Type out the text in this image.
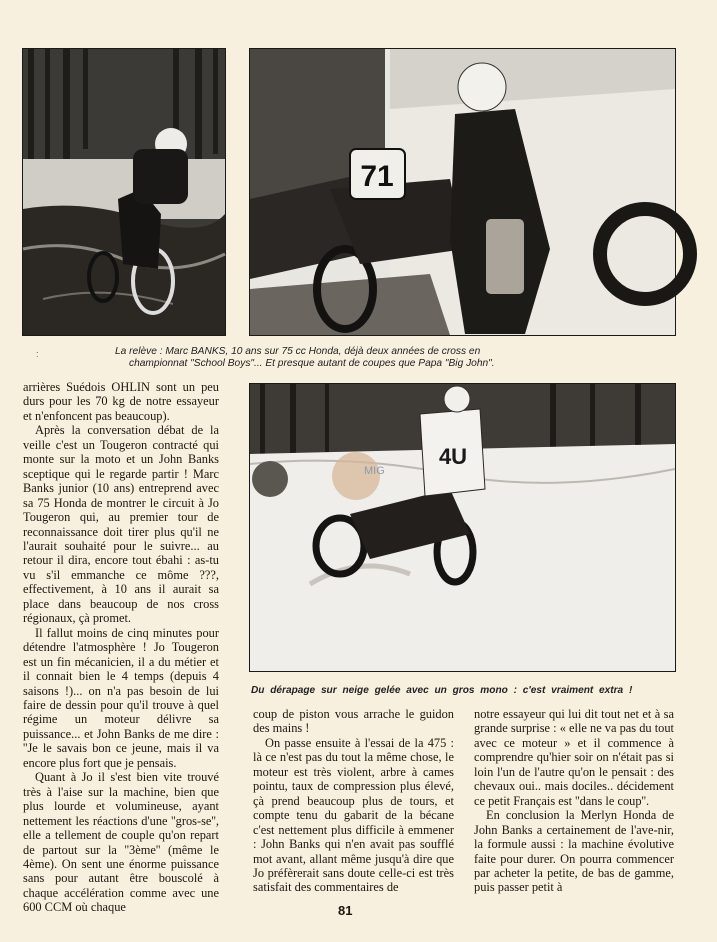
71
La relève : Marc BANKS, 10 ans sur 75 cc Honda, déjà deux années de cross en
championnat "School Boys"... Et presque autant de coupes que Papa "Big John".
:
4U
MIG
Du dérapage sur neige gelée avec un gros mono : c'est vraiment extra !

arrières Suédois OHLIN sont un peu durs pour les 70 kg de notre essayeur et n'enfoncent pas beaucoup).

Après la conversation débat de la veille c'est un Tougeron contracté qui monte sur la moto et un John Banks sceptique qui le regarde partir ! Marc Banks junior (10 ans) entreprend avec sa 75 Honda de montrer le circuit à Jo Tougeron qui, au premier tour de reconnaissance doit tirer plus qu'il ne l'aurait souhaité pour le suivre... au retour il dira, encore tout ébahi : as-tu vu s'il emmanche ce môme ???, effectivement, à 10 ans il aurait sa place dans beaucoup de nos cross régionaux, çà promet.

Il fallut moins de cinq minutes pour détendre l'atmosphère ! Jo Tougeron est un fin mécanicien, il a du métier et il connait bien le 4 temps (depuis 4 saisons !)... on n'a pas besoin de lui faire de dessin pour qu'il trouve à quel régime un moteur délivre sa puissance... et John Banks de me dire : ''Je le savais bon ce jeune, mais il va encore plus fort que je pensais.

Quant à Jo il s'est bien vite trouvé très à l'aise sur la machine, bien que plus lourde et volumineuse, ayant nettement les réactions d'une ''gros-se'', elle a tellement de couple qu'on repart de partout sur la ''3ème'' (même le 4ème). On sent une énorme puissance sans pour autant être bouscolé à chaque accélération comme avec une 600 CCM où chaque

coup de piston vous arrache le guidon des mains !

On passe ensuite à l'essai de la 475 : là ce n'est pas du tout la même chose, le moteur est très violent, arbre à cames pointu, taux de compression plus élevé, çà prend beaucoup plus de tours, et compte tenu du gabarit de la bécane c'est nettement plus difficile à emmener : John Banks qui n'en avait pas soufflé mot avant, allant même jusqu'à dire que Jo préfèrerait sans doute celle-ci est très satisfait des commentaires de

notre essayeur qui lui dit tout net et à sa grande surprise : « elle ne va pas du tout avec ce moteur » et il commence à comprendre qu'hier soir on n'était pas si loin l'un de l'autre qu'on le pensait : des chevaux oui.. mais dociles.. décidement ce petit Français est ''dans le coup''.

En conclusion la Merlyn Honda de John Banks a certainement de l'ave-nir, la formule aussi : la machine évolutive faite pour durer. On pourra commencer par acheter la petite, de bas de gamme, puis passer petit à

81
